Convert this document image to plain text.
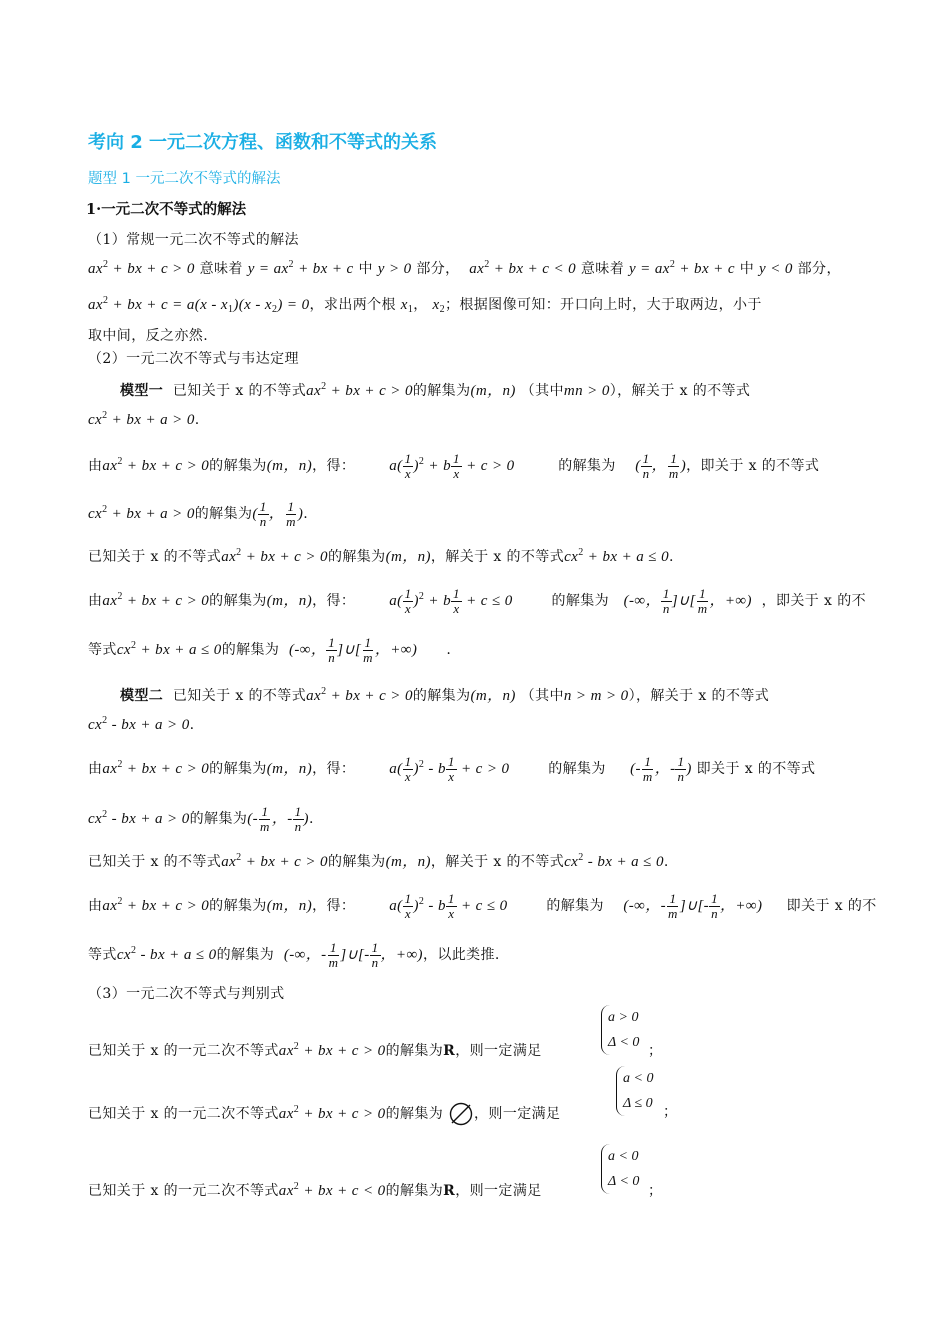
考向 2 一元二次方程、函数和不等式的关系
题型 1 一元二次不等式的解法
1·一元二次不等式的解法
（1）常规一元二次不等式的解法
$ax^2$ + bx + c > 0 意味着 $y = ax^2$ + bx + c 中 y > 0 部分， $ax^2$ + bx + c < 0 意味着 $y = ax^2$ + bx + c 中 y < 0 部分，
$ax^2$ + bx + $c = a(x - x_1)(x - x_2) = 0$，求出两个根 $x_1$， $x_2$；根据图像可知：开口向上时，大于取两边，小于
取中间，反之亦然.
（2）一元二次不等式与韦达定理
模型一 已知关于 x 的不等式$ax^2$ + bx + c > 0的解集为(m，n) （其中mn > 0），解关于 x 的不等式
$cx^2$ + bx + a > 0.
由$ax^2$ + bx + c > 0的解集为(m，n)，得： $a( \frac{1}{x} )^2 + b \frac{1}{x} + c > 0$	的解集为 ( $\frac{1}{n}$ ， $\frac{1}{m}$ )，即关于 x 的不等式
$cx^2$ + bx + a > 0的解集为( $\frac{1}{n}$ ， $\frac{1}{m}$ ).
已知关于 x 的不等式$ax^2$ + bx + c > 0的解集为(m，n)，解关于 x 的不等式$cx^2$ + bx + a ≤ 0.
由$ax^2$ + bx + c > 0的解集为(m，n)，得： $a( \frac{1}{x} )^2 + b \frac{1}{x} + c \le 0$	的解集为 (-∞， $\frac{1}{n}$ ]∪[ $\frac{1}{m}$ ，+∞) ，即关于 x 的不
等式$cx^2$ + bx + a ≤ 0的解集为 (-∞， $\frac{1}{n}$ ]∪[ $\frac{1}{m}$ ，+∞) .
模型二 已知关于 x 的不等式$ax^2$ + bx + c > 0的解集为(m，n) （其中n > m > 0），解关于 x 的不等式
$cx^2$ - bx + a > 0.
由$ax^2$ + bx + c > 0的解集为(m，n)，得： $a( \frac{1}{x} )^2 - b \frac{1}{x} + c > 0$	的解集为 (- $\frac{1}{m}$ ，- $\frac{1}{n}$ ) 即关于 x 的不等式
$cx^2$ - bx + a > 0的解集为(- $\frac{1}{m}$ ，- $\frac{1}{n}$ ).
已知关于 x 的不等式$ax^2$ + bx + c > 0的解集为(m，n)，解关于 x 的不等式$cx^2$ - bx + a ≤ 0.
由$ax^2$ + bx + c > 0的解集为(m，n)，得： $a( \frac{1}{x} )^2 - b \frac{1}{x} + c \le 0$	的解集为 (-∞，- $\frac{1}{m}$ ]∪[- $\frac{1}{n}$ ，+∞) 即关于 x 的不
等式$cx^2$ - bx + a ≤ 0的解集为 (-∞，- $\frac{1}{m}$ ]∪[- $\frac{1}{n}$ ，+∞)，以此类推.
（3）一元二次不等式与判别式
已知关于 x 的一元二次不等式$ax^2$ + bx + c > 0的解集为R，则一定满足
a > 0
Δ < 0
；
已知关于 x 的一元二次不等式$ax^2$ + bx + c > 0的解集为 ，则一定满足
a < 0
Δ ≤ 0
；
已知关于 x 的一元二次不等式$ax^2$ + bx + c < 0的解集为R，则一定满足
a < 0
Δ < 0
；
